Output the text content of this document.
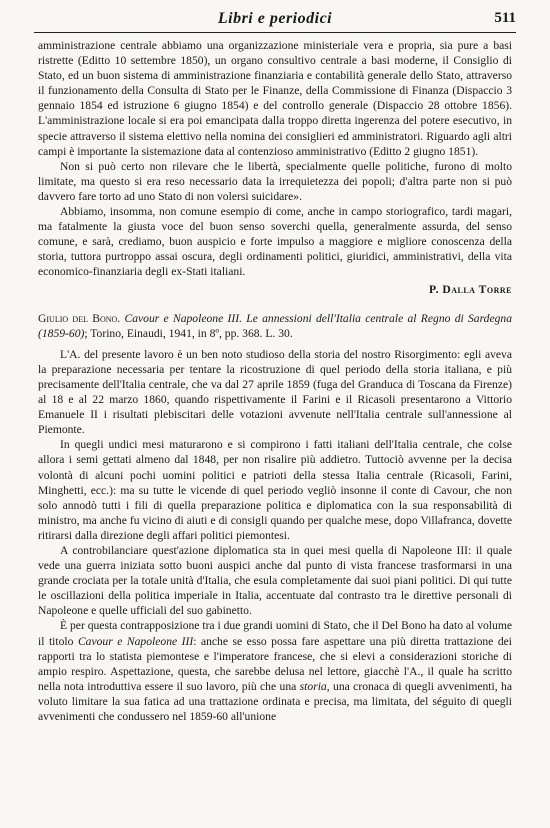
Libri e periodici	511

amministrazione centrale abbiamo una organizzazione ministeriale vera e propria, sia pure a basi ristrette (Editto 10 settembre 1850), un organo consultivo centrale a basi moderne, il Consiglio di Stato, ed un buon sistema di amministrazione finanziaria e contabilità generale dello Stato, attraverso il funzionamento della Consulta di Stato per le Finanze, della Commissione di Finanza (Dispaccio 3 gennaio 1854 ed istruzione 6 giugno 1854) e del controllo generale (Dispaccio 28 ottobre 1856). L'amministrazione locale si era poi emancipata dalla troppo diretta ingerenza del potere esecutivo, in specie attraverso il sistema elettivo nella nomina dei consiglieri ed amministratori. Riguardo agli altri campi è importante la sistemazione data al contenzioso amministrativo (Editto 2 giugno 1851).

Non si può certo non rilevare che le libertà, specialmente quelle politiche, furono di molto limitate, ma questo si era reso necessario data la irrequietezza dei popoli; d'altra parte non si può davvero fare torto ad uno Stato di non volersi suicidare».

Abbiamo, insomma, non comune esempio di come, anche in campo storiografico, tardi magari, ma fatalmente la giusta voce del buon senso soverchi quella, generalmente assurda, del senso comune, e sarà, crediamo, buon auspicio e forte impulso a maggiore e migliore conoscenza della storia, tuttora purtroppo assai oscura, degli ordinamenti politici, giuridici, amministrativi, della vita economico-finanziaria degli ex-Stati italiani.

P. Dalla Torre

Giulio del Bono. Cavour e Napoleone III. Le annessioni dell'Italia centrale al Regno di Sardegna (1859-60); Torino, Einaudi, 1941, in 8º, pp. 368. L. 30.

L'A. del presente lavoro è un ben noto studioso della storia del nostro Risorgimento: egli aveva la preparazione necessaria per tentare la ricostruzione di quel periodo della storia italiana, e più precisamente dell'Italia centrale, che va dal 27 aprile 1859 (fuga del Granduca di Toscana da Firenze) al 18 e al 22 marzo 1860, quando rispettivamente il Farini e il Ricasoli presentarono a Vittorio Emanuele II i risultati plebiscitari delle votazioni avvenute nell'Italia centrale sull'annessione al Piemonte.

In quegli undici mesi maturarono e si compirono i fatti italiani dell'Italia centrale, che colse allora i semi gettati almeno dal 1848, per non risalire più addietro. Tuttociò avvenne per la decisa volontà di alcuni pochi uomini politici e patrioti della stessa Italia centrale (Ricasoli, Farini, Minghetti, ecc.): ma su tutte le vicende di quel periodo vegliò insonne il conte di Cavour, che non solo annodò tutti i fili di quella preparazione politica e diplomatica con la sua responsabilità di ministro, ma anche fu vicino di aiuti e di consigli quando per qualche mese, dopo Villafranca, dovette ritirarsi dalla direzione degli affari politici piemontesi.

A controbilanciare quest'azione diplomatica sta in quei mesi quella di Napoleone III: il quale vede una guerra iniziata sotto buoni auspici anche dal punto di vista francese trasformarsi in una grande crociata per la totale unità d'Italia, che esula completamente dai suoi piani politici. Di qui tutte le oscillazioni della politica imperiale in Italia, accentuate dal contrasto tra le direttive personali di Napoleone e quelle ufficiali del suo gabinetto.

È per questa contrapposizione tra i due grandi uomini di Stato, che il Del Bono ha dato al volume il titolo Cavour e Napoleone III: anche se esso possa fare aspettare una più diretta trattazione dei rapporti tra lo statista piemontese e l'imperatore francese, che si elevi a considerazioni storiche di ampio respiro. Aspettazione, questa, che sarebbe delusa nel lettore, giacchè l'A., il quale ha scritto nella nota introduttiva essere il suo lavoro, più che una storia, una cronaca di quegli avvenimenti, ha voluto limitare la sua fatica ad una trattazione ordinata e precisa, ma limitata, del séguito di quegli avvenimenti che condussero nel 1859-60 all'unione
